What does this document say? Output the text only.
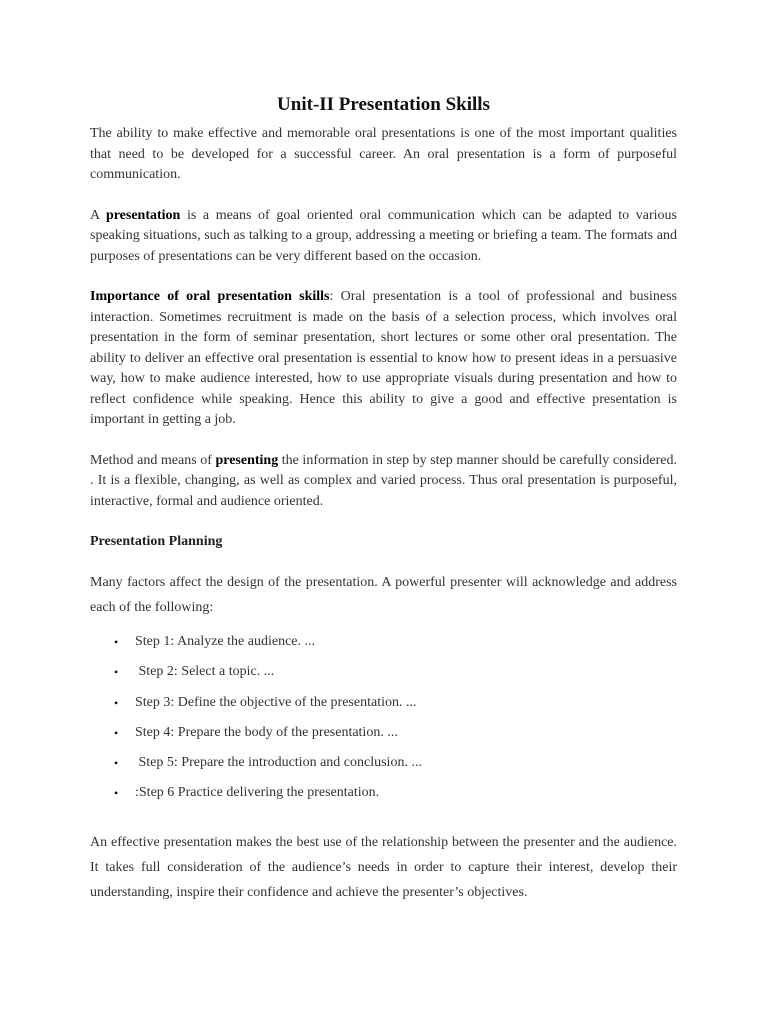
Unit-II Presentation Skills

The ability to make effective and memorable oral presentations is one of the most important qualities that need to be developed for a successful career. An oral presentation is a form of purposeful communication.

A presentation is a means of goal oriented oral communication which can be adapted to various speaking situations, such as talking to a group, addressing a meeting or briefing a team. The formats and purposes of presentations can be very different based on the occasion.

Importance of oral presentation skills: Oral presentation is a tool of professional and business interaction. Sometimes recruitment is made on the basis of a selection process, which involves oral presentation in the form of seminar presentation, short lectures or some other oral presentation. The ability to deliver an effective oral presentation is essential to know how to present ideas in a persuasive way, how to make audience interested, how to use appropriate visuals during presentation and how to reflect confidence while speaking. Hence this ability to give a good and effective presentation is important in getting a job.

Method and means of presenting the information in step by step manner should be carefully considered. . It is a flexible, changing, as well as complex and varied process. Thus oral presentation is purposeful, interactive, formal and audience oriented.

Presentation Planning

Many factors affect the design of the presentation. A powerful presenter will acknowledge and address each of the following:

• Step 1: Analyze the audience. ...
• Step 2: Select a topic. ...
• Step 3: Define the objective of the presentation. ...
• Step 4: Prepare the body of the presentation. ...
• Step 5: Prepare the introduction and conclusion. ...
• :Step 6 Practice delivering the presentation.

An effective presentation makes the best use of the relationship between the presenter and the audience. It takes full consideration of the audience’s needs in order to capture their interest, develop their understanding, inspire their confidence and achieve the presenter’s objectives.
